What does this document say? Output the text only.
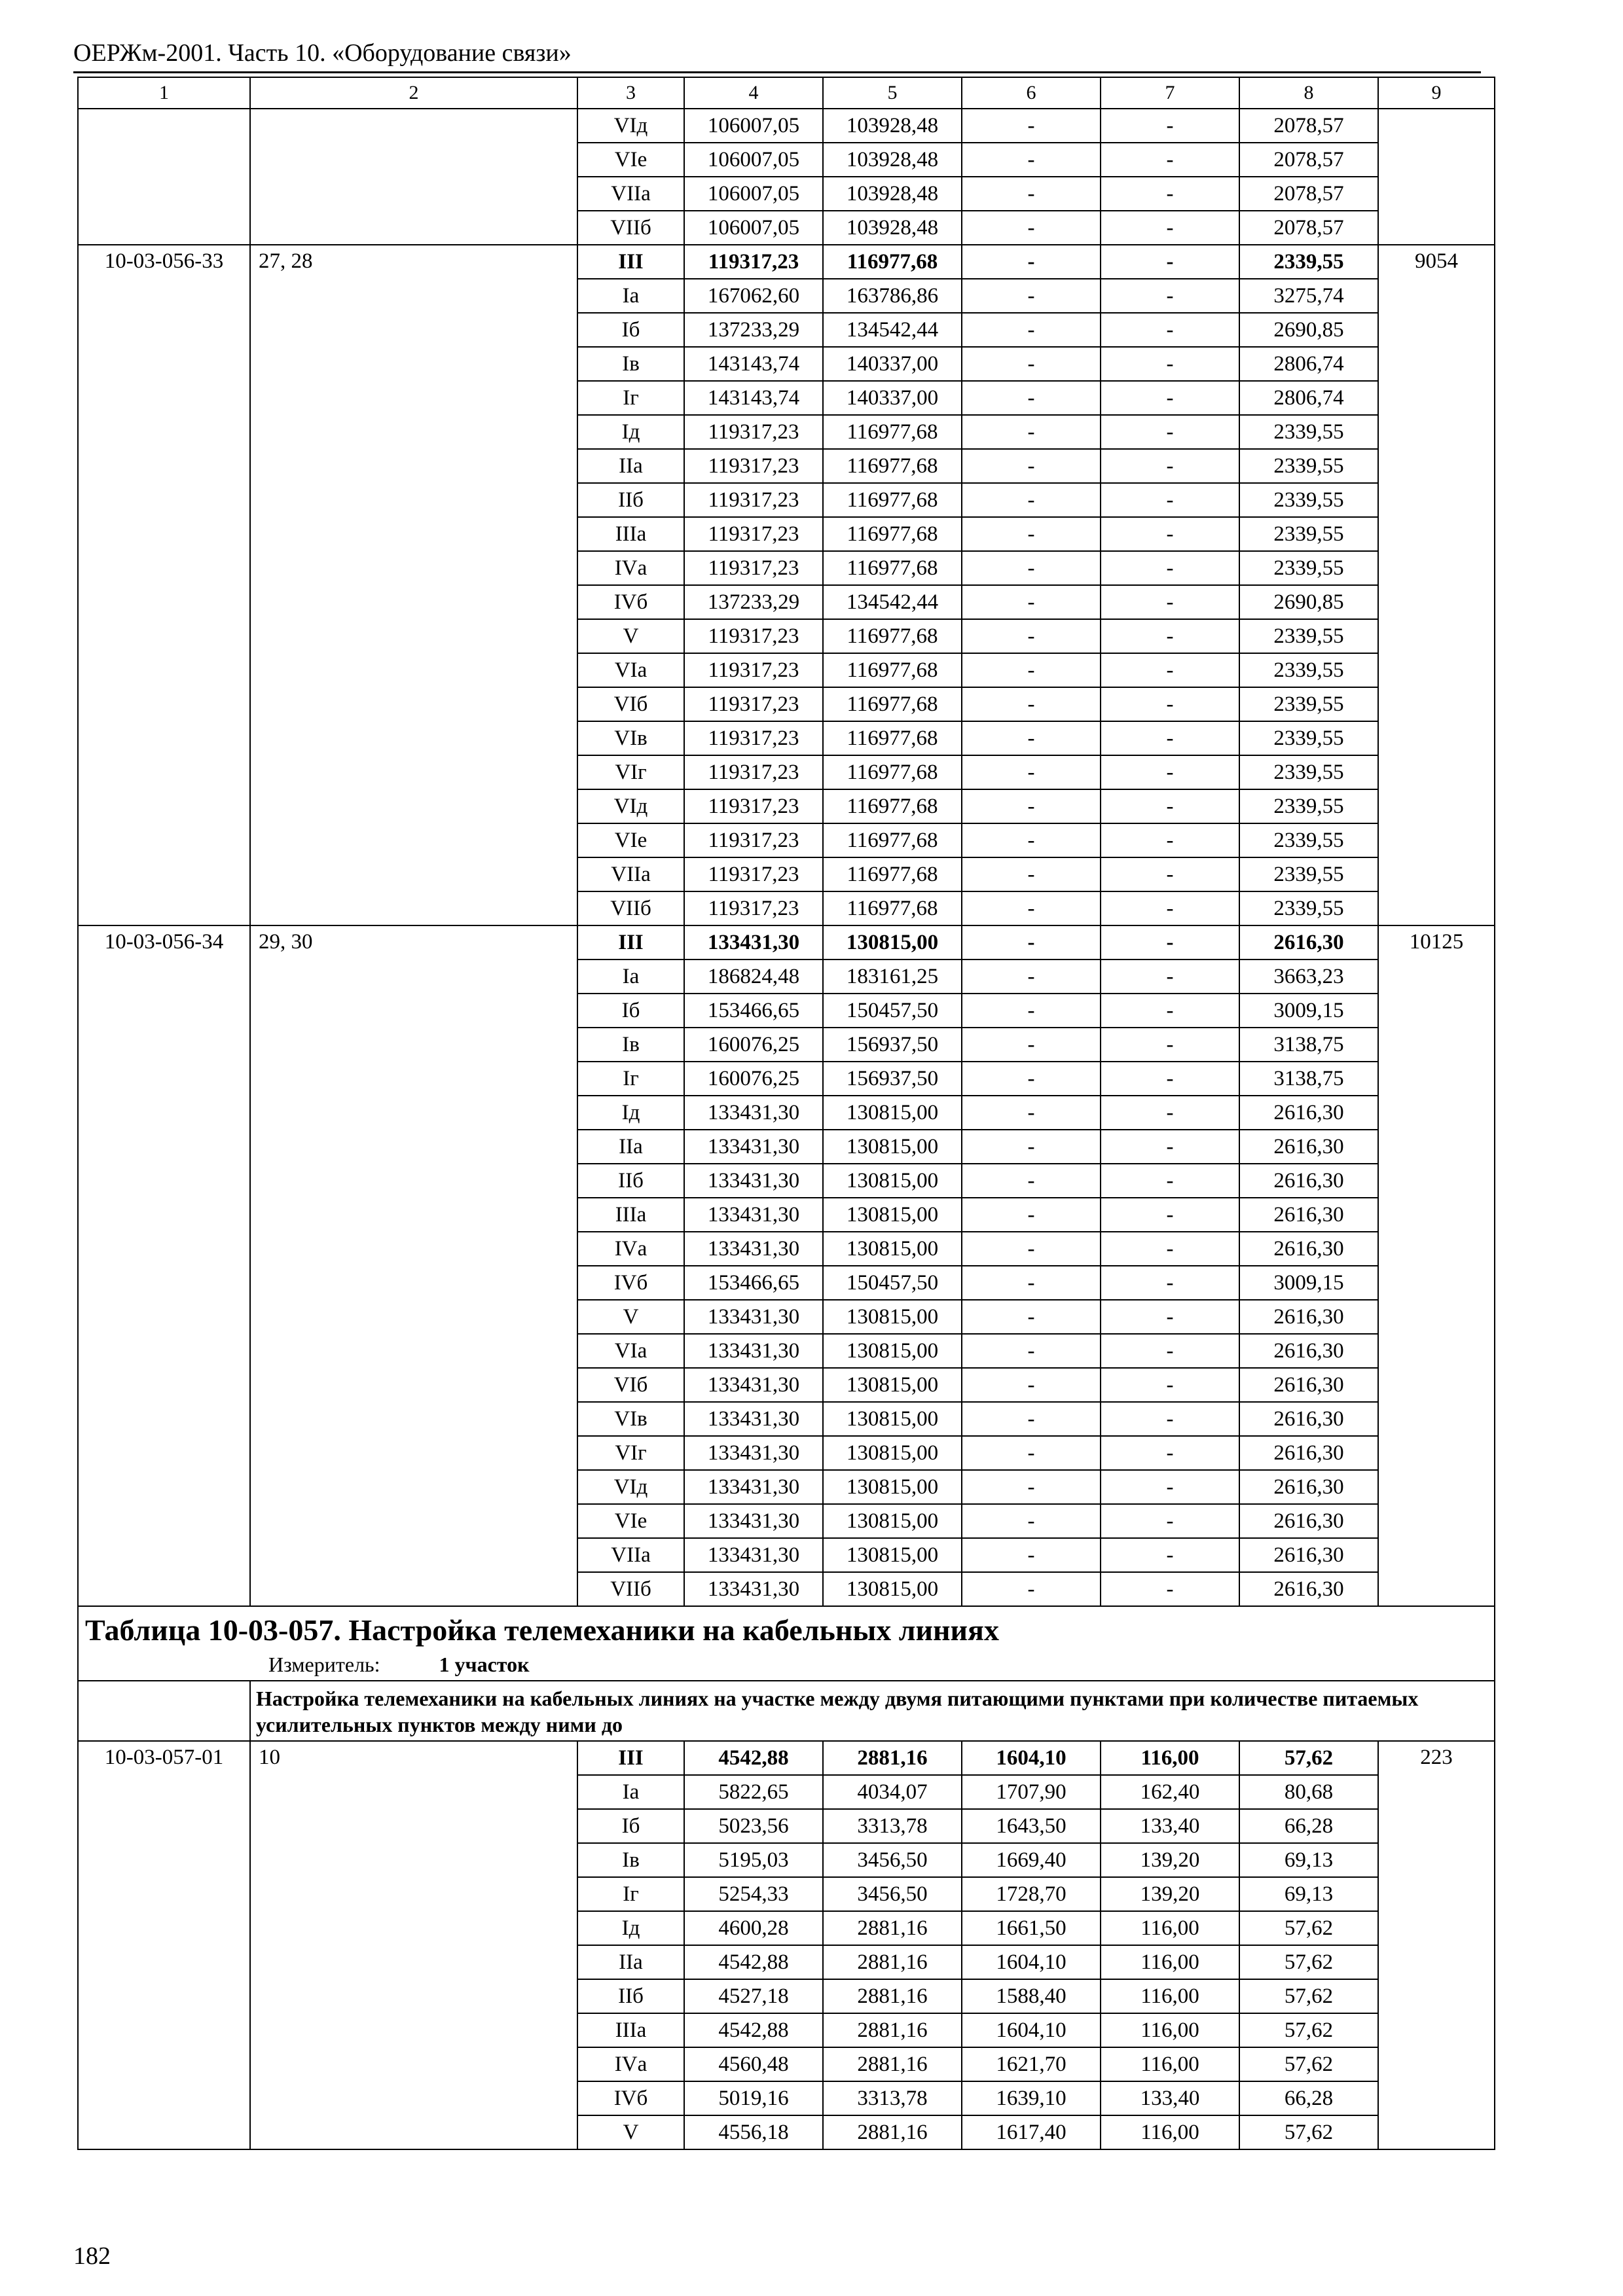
ОЕРЖм-2001. Часть 10. «Оборудование связи»
1	2	3	4	5	6	7	8	9
		VIд	106007,05	103928,48	-	-	2078,57	
		VIе	106007,05	103928,48	-	-	2078,57	
		VIIа	106007,05	103928,48	-	-	2078,57	
		VIIб	106007,05	103928,48	-	-	2078,57	
10-03-056-33	27, 28	III	119317,23	116977,68	-	-	2339,55	9054
		Iа	167062,60	163786,86	-	-	3275,74	
		Iб	137233,29	134542,44	-	-	2690,85	
		Iв	143143,74	140337,00	-	-	2806,74	
		Iг	143143,74	140337,00	-	-	2806,74	
		Iд	119317,23	116977,68	-	-	2339,55	
		IIа	119317,23	116977,68	-	-	2339,55	
		IIб	119317,23	116977,68	-	-	2339,55	
		IIIа	119317,23	116977,68	-	-	2339,55	
		IVа	119317,23	116977,68	-	-	2339,55	
		IVб	137233,29	134542,44	-	-	2690,85	
		V	119317,23	116977,68	-	-	2339,55	
		VIа	119317,23	116977,68	-	-	2339,55	
		VIб	119317,23	116977,68	-	-	2339,55	
		VIв	119317,23	116977,68	-	-	2339,55	
		VIг	119317,23	116977,68	-	-	2339,55	
		VIд	119317,23	116977,68	-	-	2339,55	
		VIе	119317,23	116977,68	-	-	2339,55	
		VIIа	119317,23	116977,68	-	-	2339,55	
		VIIб	119317,23	116977,68	-	-	2339,55	
10-03-056-34	29, 30	III	133431,30	130815,00	-	-	2616,30	10125
		Iа	186824,48	183161,25	-	-	3663,23	
		Iб	153466,65	150457,50	-	-	3009,15	
		Iв	160076,25	156937,50	-	-	3138,75	
		Iг	160076,25	156937,50	-	-	3138,75	
		Iд	133431,30	130815,00	-	-	2616,30	
		IIа	133431,30	130815,00	-	-	2616,30	
		IIб	133431,30	130815,00	-	-	2616,30	
		IIIа	133431,30	130815,00	-	-	2616,30	
		IVа	133431,30	130815,00	-	-	2616,30	
		IVб	153466,65	150457,50	-	-	3009,15	
		V	133431,30	130815,00	-	-	2616,30	
		VIа	133431,30	130815,00	-	-	2616,30	
		VIб	133431,30	130815,00	-	-	2616,30	
		VIв	133431,30	130815,00	-	-	2616,30	
		VIг	133431,30	130815,00	-	-	2616,30	
		VIд	133431,30	130815,00	-	-	2616,30	
		VIе	133431,30	130815,00	-	-	2616,30	
		VIIа	133431,30	130815,00	-	-	2616,30	
		VIIб	133431,30	130815,00	-	-	2616,30	

Таблица 10-03-057. Настройка телемеханики на кабельных линиях
Измеритель: 1 участок								

	Настройка телемеханики на кабельных линиях на участке между двумя питающими пунктами при количестве питаемых усилительных пунктов между ними до							
10-03-057-01	10	III	4542,88	2881,16	1604,10	116,00	57,62	223
		Iа	5822,65	4034,07	1707,90	162,40	80,68	
		Iб	5023,56	3313,78	1643,50	133,40	66,28	
		Iв	5195,03	3456,50	1669,40	139,20	69,13	
		Iг	5254,33	3456,50	1728,70	139,20	69,13	
		Iд	4600,28	2881,16	1661,50	116,00	57,62	
		IIа	4542,88	2881,16	1604,10	116,00	57,62	
		IIб	4527,18	2881,16	1588,40	116,00	57,62	
		IIIа	4542,88	2881,16	1604,10	116,00	57,62	
		IVа	4560,48	2881,16	1621,70	116,00	57,62	
		IVб	5019,16	3313,78	1639,10	133,40	66,28	
		V	4556,18	2881,16	1617,40	116,00	57,62	
182
